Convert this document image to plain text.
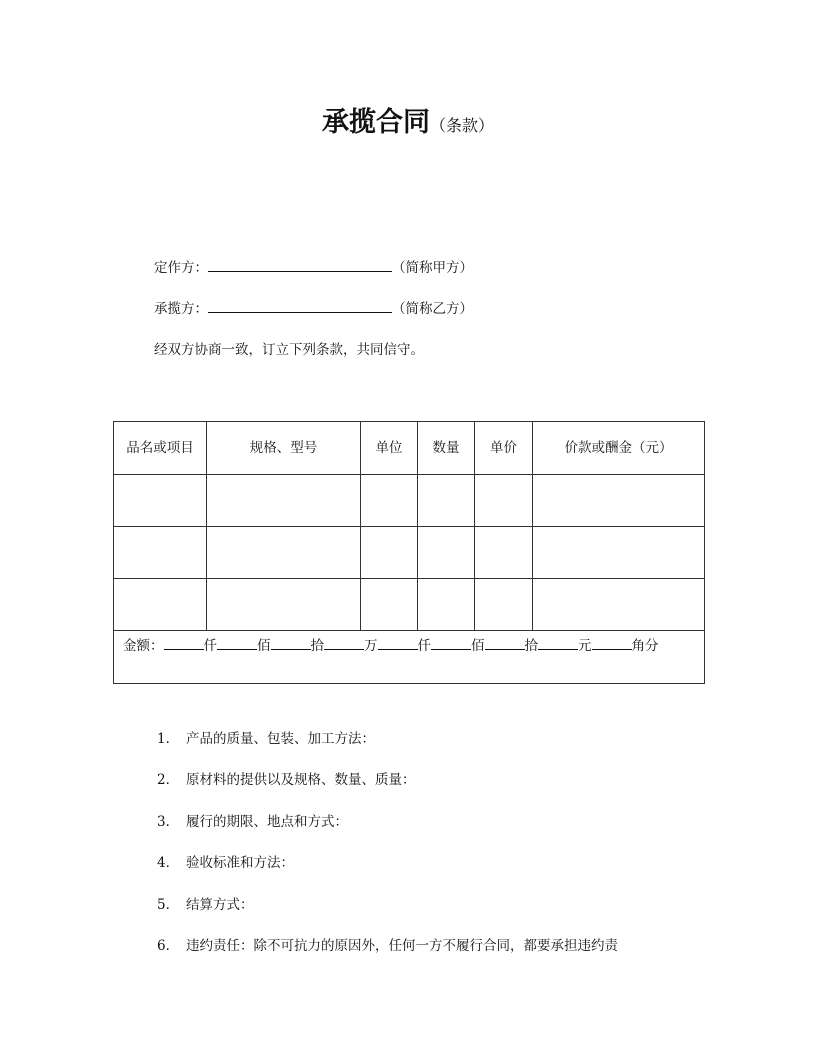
承揽合同（条款）
定作方：	（简称甲方）
承揽方：	（简称乙方）
经双方协商一致，订立下列条款，共同信守。
品名或项目	规格、型号	单位	数量	单价	价款或酬金（元）

金额： 仟 佰 拾 万 仟 佰 拾 元 角分					
1． 产品的质量、包装、加工方法：
2． 原材料的提供以及规格、数量、质量：
3． 履行的期限、地点和方式：
4． 验收标准和方法：
5． 结算方式：
6． 违约责任：除不可抗力的原因外，任何一方不履行合同，都要承担违约责
